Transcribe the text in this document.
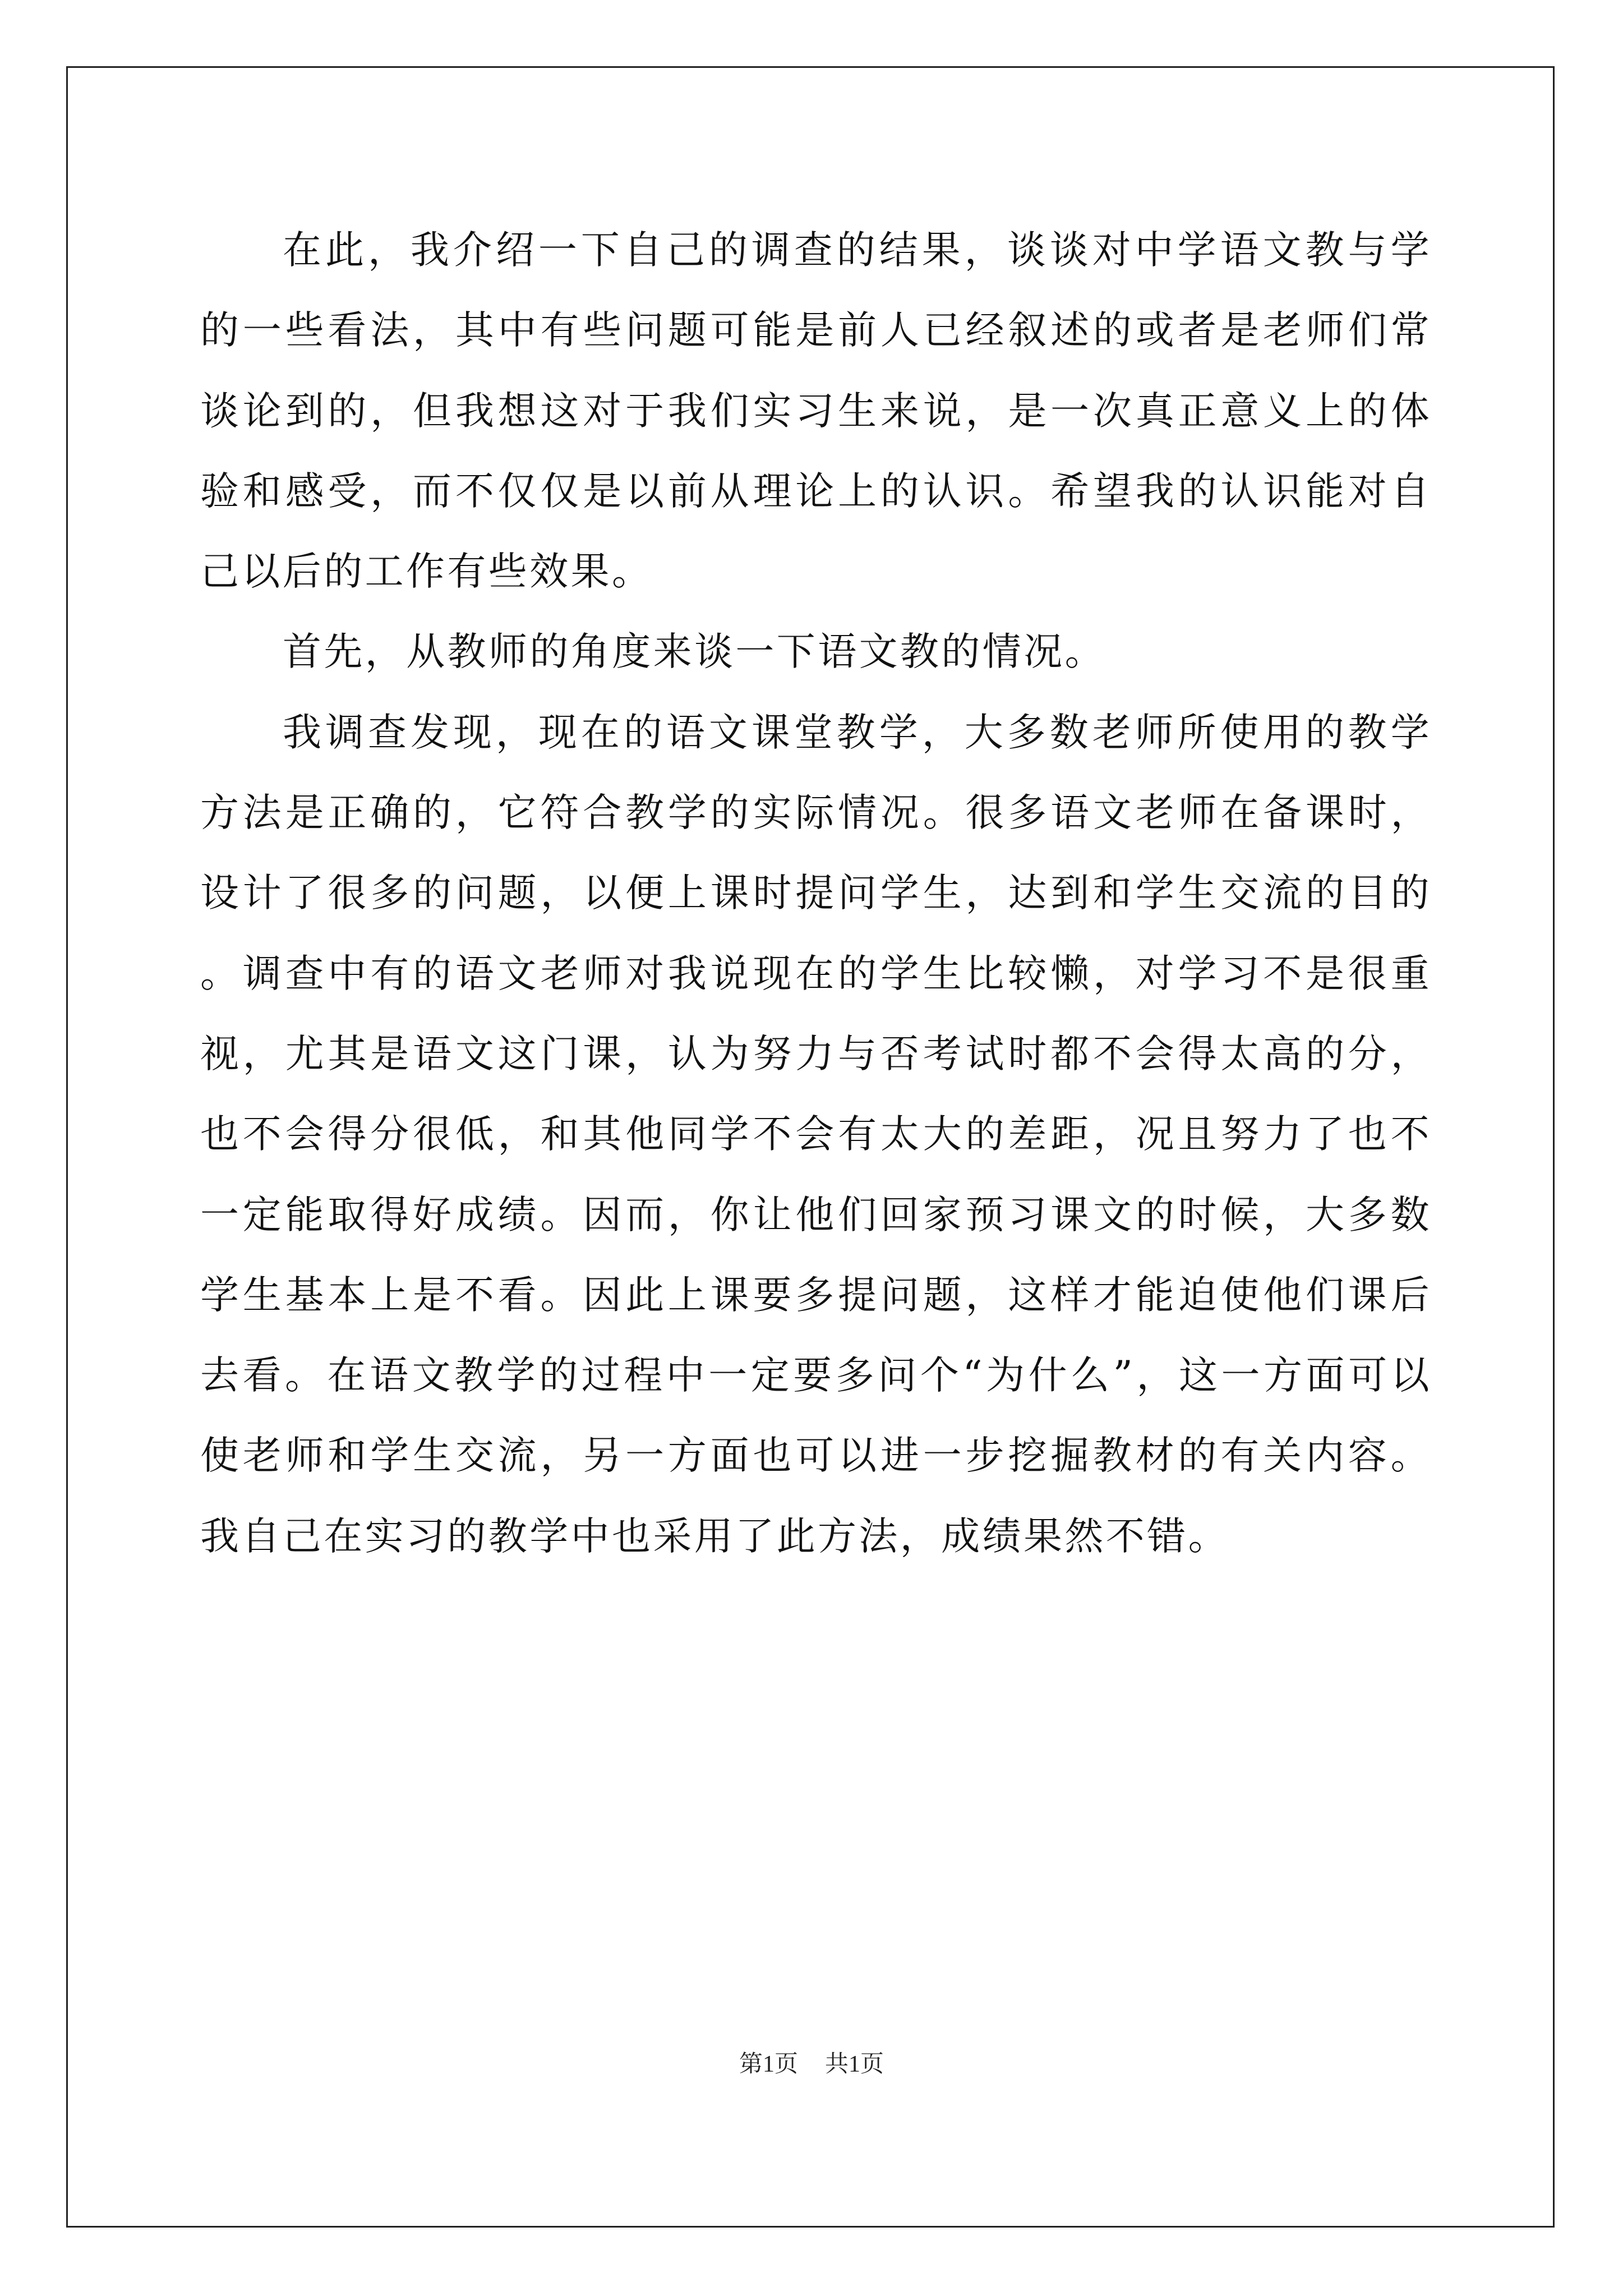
在此，我介绍一下自己的调查的结果，谈谈对中学语文教与学的一些看法，其中有些问题可能是前人已经叙述的或者是老师们常谈论到的，但我想这对于我们实习生来说，是一次真正意义上的体验和感受，而不仅仅是以前从理论上的认识。希望我的认识能对自己以后的工作有些效果。

首先，从教师的角度来谈一下语文教的情况。

我调查发现，现在的语文课堂教学，大多数老师所使用的教学方法是正确的，它符合教学的实际情况。很多语文老师在备课时，设计了很多的问题，以便上课时提问学生，达到和学生交流的目的。调查中有的语文老师对我说现在的学生比较懒，对学习不是很重视，尤其是语文这门课，认为努力与否考试时都不会得太高的分，也不会得分很低，和其他同学不会有太大的差距，况且努力了也不一定能取得好成绩。因而，你让他们回家预习课文的时候，大多数学生基本上是不看。因此上课要多提问题，这样才能迫使他们课后去看。在语文教学的过程中一定要多问个“为什么”，这一方面可以使老师和学生交流，另一方面也可以进一步挖掘教材的有关内容。我自己在实习的教学中也采用了此方法，成绩果然不错。

第1页 共1页
